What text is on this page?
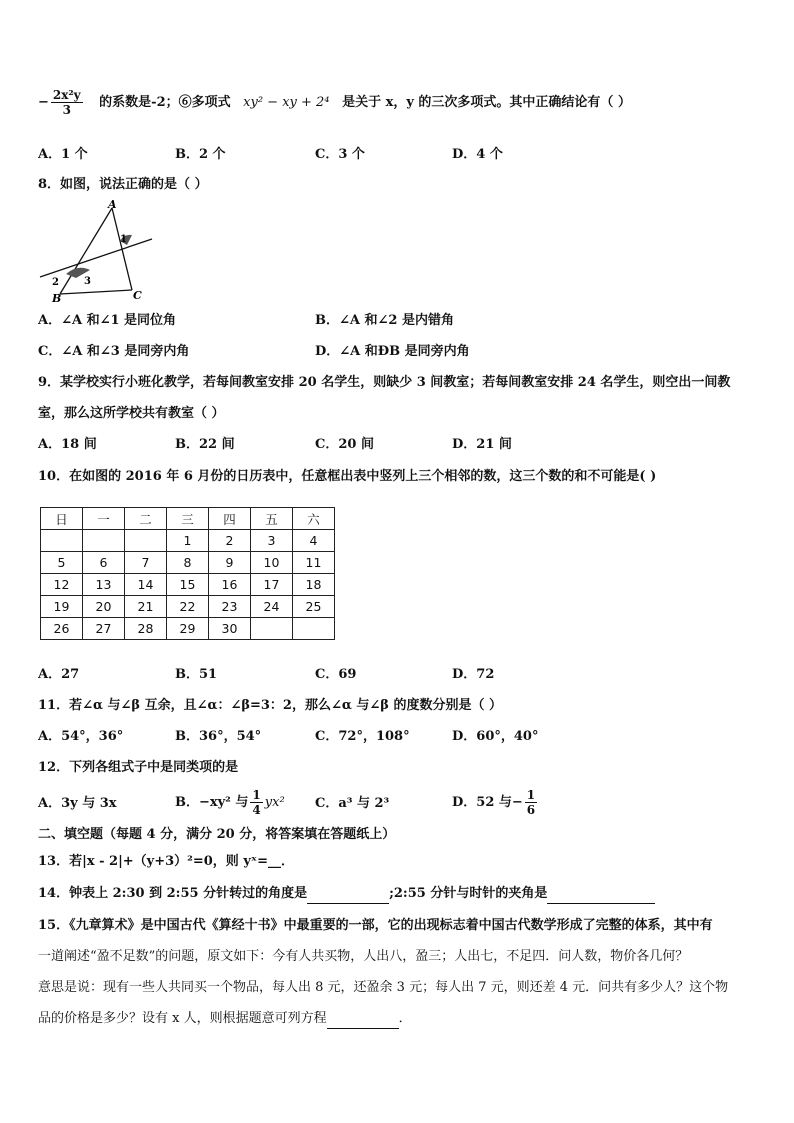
− $\frac{\text{2x²y}}{3}$ 的系数是-2；⑥多项式 xy² − xy + 2⁴ 是关于 x，y 的三次多项式。其中正确结论有（ ）
A．1 个	B．2 个	C．3 个	D．4 个
8．如图，说法正确的是（ ）
A
1
2	3
B	C
A．∠A 和∠1 是同位角	B．∠A 和∠2 是内错角
C．∠A 和∠3 是同旁内角	D．∠A 和ÐB 是同旁内角
9．某学校实行小班化教学，若每间教室安排 20 名学生，则缺少 3 间教室；若每间教室安排 24 名学生，则空出一间教
室，那么这所学校共有教室（ ）
A．18 间	B．22 间	C．20 间	D．21 间
10．在如图的 2016 年 6 月份的日历表中，任意框出表中竖列上三个相邻的数，这三个数的和不可能是( )
日	一	二	三	四	五	六
			1	2	3	4
5	6	7	8	9	10	11
12	13	14	15	16	17	18
19	20	21	22	23	24	25
26	27	28	29	30		
A．27	B．51	C．69	D．72
11．若∠α 与∠β 互余，且∠α：∠β=3：2，那么∠α 与∠β 的度数分别是（ ）
A．54°，36°	B．36°，54°	C．72°，108°	D．60°，40°
12．下列各组式子中是同类项的是
A．3y 与 3x	B．−xy² 与 $\frac{1}{4} yx^2$ C．a³ 与 2³	D．52 与− $\frac{1}{6}$
二、填空题（每题 4 分，满分 20 分，将答案填在答题纸上）
13．若|x - 2|+（y+3）²=0，则 yˣ=__．
14．钟表上 2:30 到 2:55 分针转过的角度是	;2:55 分针与时针的夹角是
15．《九章算术》是中国古代《算经十书》中最重要的一部，它的出现标志着中国古代数学形成了完整的体系，其中有
一道阐述“盈不足数”的问题，原文如下：今有人共买物，人出八，盈三；人出七，不足四．问人数，物价各几何？
意思是说：现有一些人共同买一个物品，每人出 8 元，还盈余 3 元；每人出 7 元，则还差 4 元．问共有多少人？这个物
品的价格是多少？设有 x 人，则根据题意可列方程	．
